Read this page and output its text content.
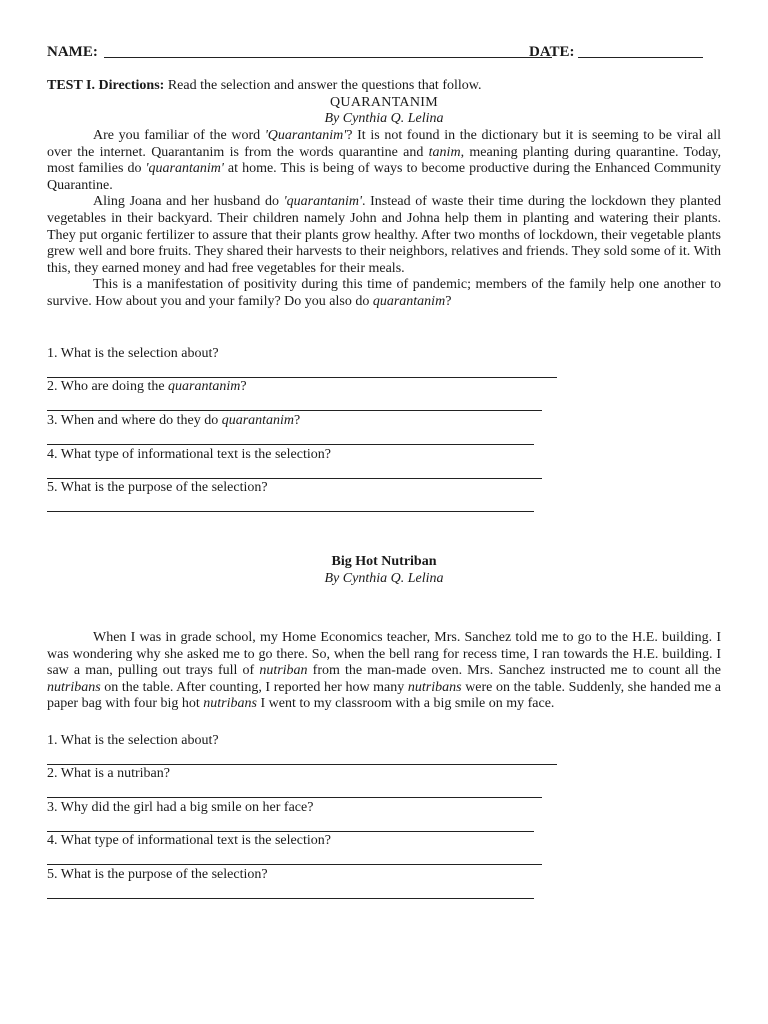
NAME:	DATE:
TEST I. Directions: Read the selection and answer the questions that follow.
QUARANTANIM
By Cynthia Q. Lelina

Are you familiar of the word 'Quarantanim'? It is not found in the dictionary but it is seeming to be viral all over the internet. Quarantanim is from the words quarantine and tanim, meaning planting during quarantine. Today, most families do 'quarantanim' at home. This is being of ways to become productive during the Enhanced Community Quarantine.

Aling Joana and her husband do 'quarantanim'. Instead of waste their time during the lockdown they planted vegetables in their backyard. Their children namely John and Johna help them in planting and watering their plants. They put organic fertilizer to assure that their plants grow healthy. After two months of lockdown, their vegetable plants grew well and bore fruits. They shared their harvests to their neighbors, relatives and friends. They sold some of it. With this, they earned money and had free vegetables for their meals.

This is a manifestation of positivity during this time of pandemic; members of the family help one another to survive. How about you and your family? Do you also do quarantanim?

1. What is the selection about?
2. Who are doing the quarantanim?
3. When and where do they do quarantanim?
4. What type of informational text is the selection?
5. What is the purpose of the selection?
Big Hot Nutriban
By Cynthia Q. Lelina

When I was in grade school, my Home Economics teacher, Mrs. Sanchez told me to go to the H.E. building. I was wondering why she asked me to go there. So, when the bell rang for recess time, I ran towards the H.E. building. I saw a man, pulling out trays full of nutriban from the man-made oven. Mrs. Sanchez instructed me to count all the nutribans on the table. After counting, I reported her how many nutribans were on the table. Suddenly, she handed me a paper bag with four big hot nutribans I went to my classroom with a big smile on my face.

1. What is the selection about?
2. What is a nutriban?
3. Why did the girl had a big smile on her face?
4. What type of informational text is the selection?
5. What is the purpose of the selection?
